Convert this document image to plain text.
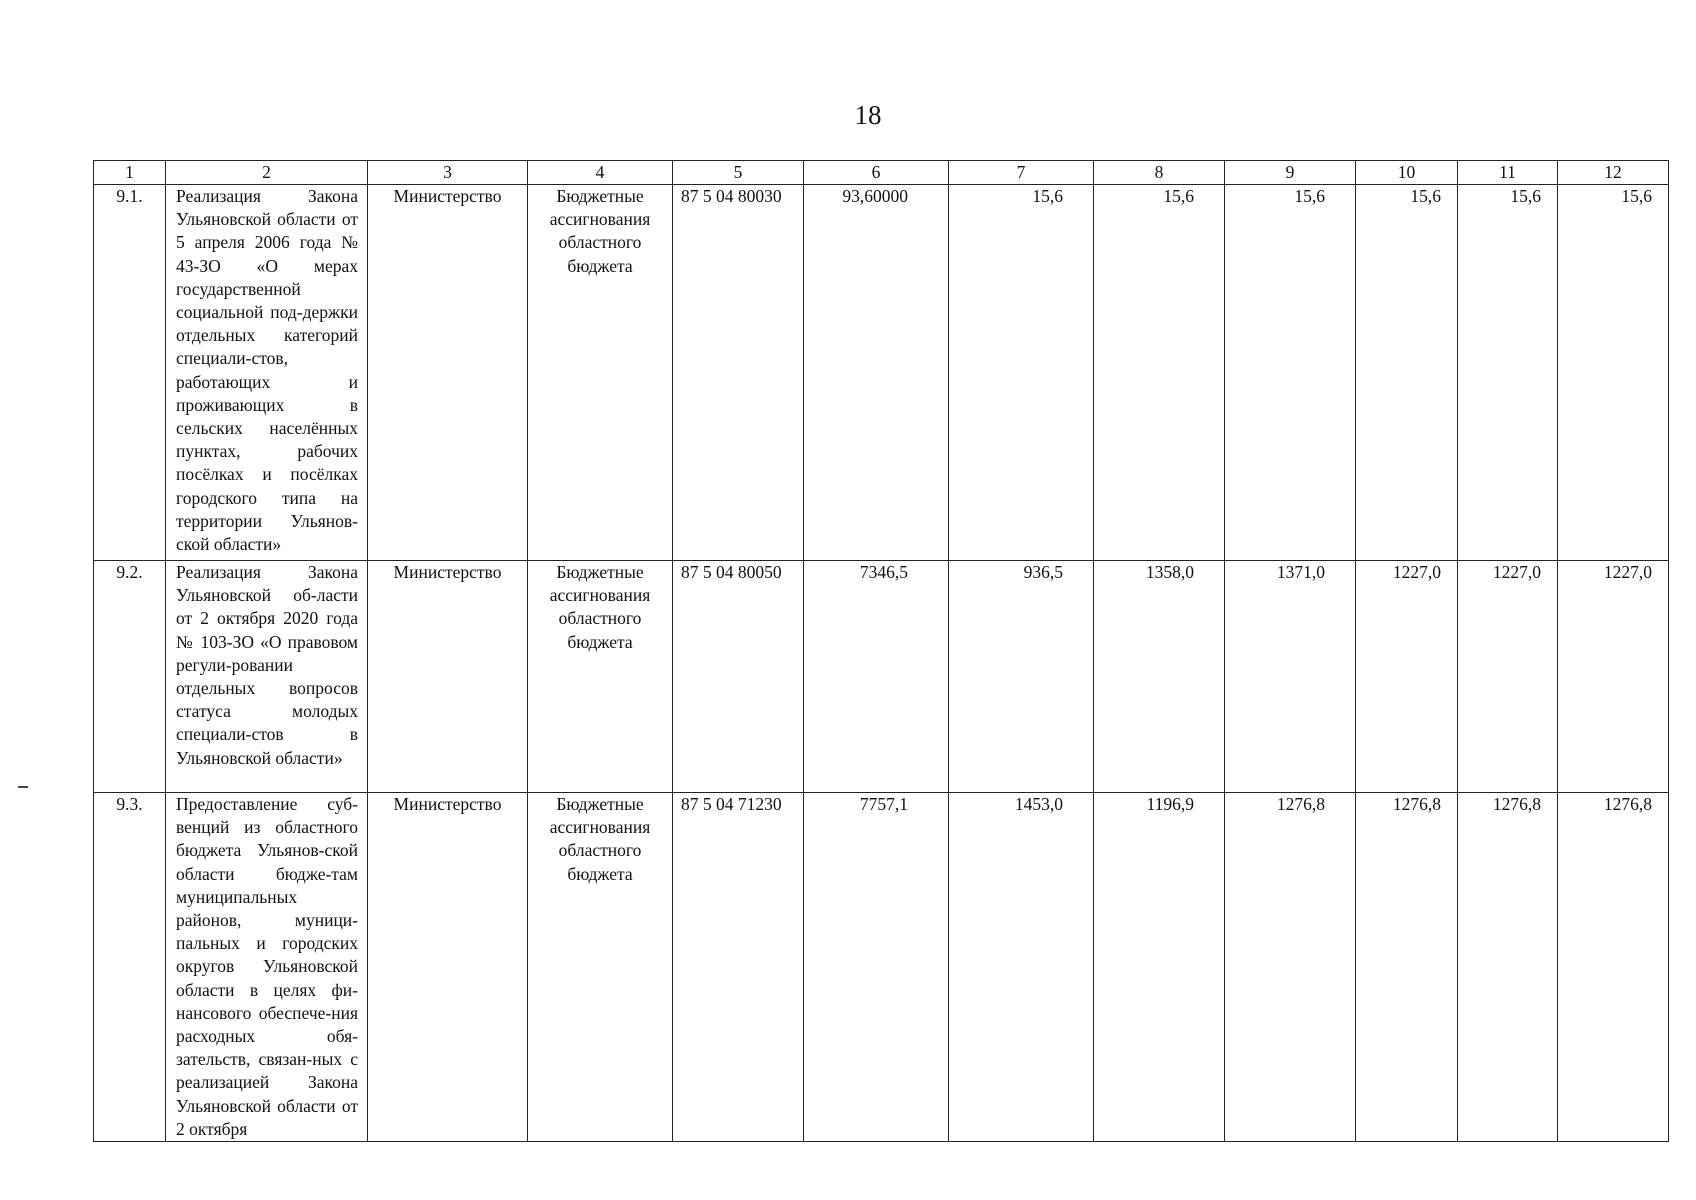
18
1	2	3	4	5	6	7	8	9	10	11	12
9.1.	Реализация Закона Ульяновской области от 5 апреля 2006 года № 43-ЗО «О мерах государственной социальной под-держки отдельных категорий специали-стов, работающих и проживающих в сельских населённых пунктах, рабочих посёлках и посёлках городского типа на территории Ульянов-ской области»	Министерство	Бюджетные ассигнования областного бюджета	87 5 04 80030	93,60000	15,6	15,6	15,6	15,6	15,6	15,6
9.2.	Реализация Закона Ульяновской об-ласти от 2 октября 2020 года № 103-ЗО «О правовом регули-ровании отдельных вопросов статуса молодых специали-стов в Ульяновской области»	Министерство	Бюджетные ассигнования областного бюджета	87 5 04 80050	7346,5	936,5	1358,0	1371,0	1227,0	1227,0	1227,0
9.3.	Предоставление суб-венций из областного бюджета Ульянов-ской области бюдже-там муниципальных районов, муници-пальных и городских округов Ульяновской области в целях фи-нансового обеспече-ния расходных обя-зательств, связан-ных с реализацией Закона Ульяновской области от 2 октября	Министерство	Бюджетные ассигнования областного бюджета	87 5 04 71230	7757,1	1453,0	1196,9	1276,8	1276,8	1276,8	1276,8
